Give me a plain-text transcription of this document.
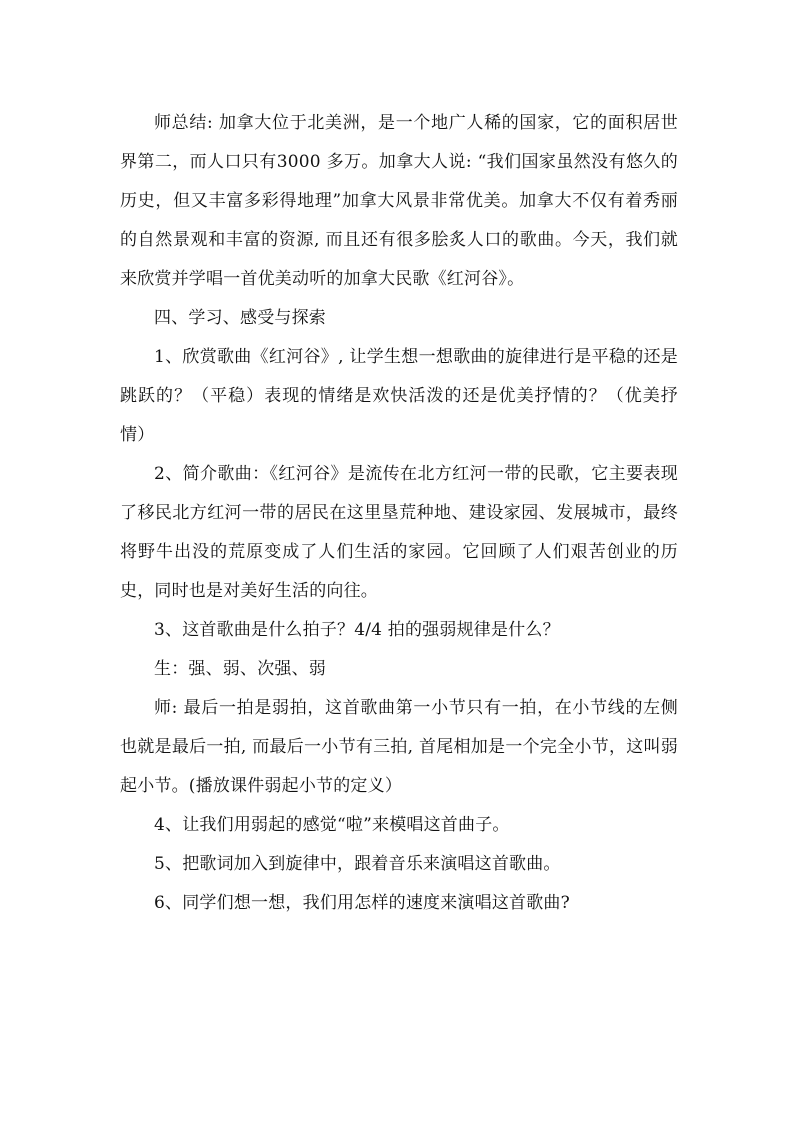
师总结: 加拿大位于北美洲，是一个地广人稀的国家，它的面积居世界第二，而人口只有3000 多万。加拿大人说: “我们国家虽然没有悠久的历史，但又丰富多彩得地理”加拿大风景非常优美。加拿大不仅有着秀丽的自然景观和丰富的资源, 而且还有很多脍炙人口的歌曲。今天，我们就来欣赏并学唱一首优美动听的加拿大民歌《红河谷》。

四、学习、感受与探索

1、欣赏歌曲《红河谷》, 让学生想一想歌曲的旋律进行是平稳的还是跳跃的？（平稳）表现的情绪是欢快活泼的还是优美抒情的？（优美抒情）

2、简介歌曲：《红河谷》是流传在北方红河一带的民歌，它主要表现了移民北方红河一带的居民在这里垦荒种地、建设家园、发展城市，最终将野牛出没的荒原变成了人们生活的家园。它回顾了人们艰苦创业的历史，同时也是对美好生活的向往。

3、这首歌曲是什么拍子？4/4 拍的强弱规律是什么？

生：强、弱、次强、弱

师: 最后一拍是弱拍，这首歌曲第一小节只有一拍，在小节线的左侧也就是最后一拍, 而最后一小节有三拍, 首尾相加是一个完全小节，这叫弱起小节。(播放课件弱起小节的定义）

4、让我们用弱起的感觉“啦”来模唱这首曲子。

5、把歌词加入到旋律中，跟着音乐来演唱这首歌曲。

6、同学们想一想，我们用怎样的速度来演唱这首歌曲?
